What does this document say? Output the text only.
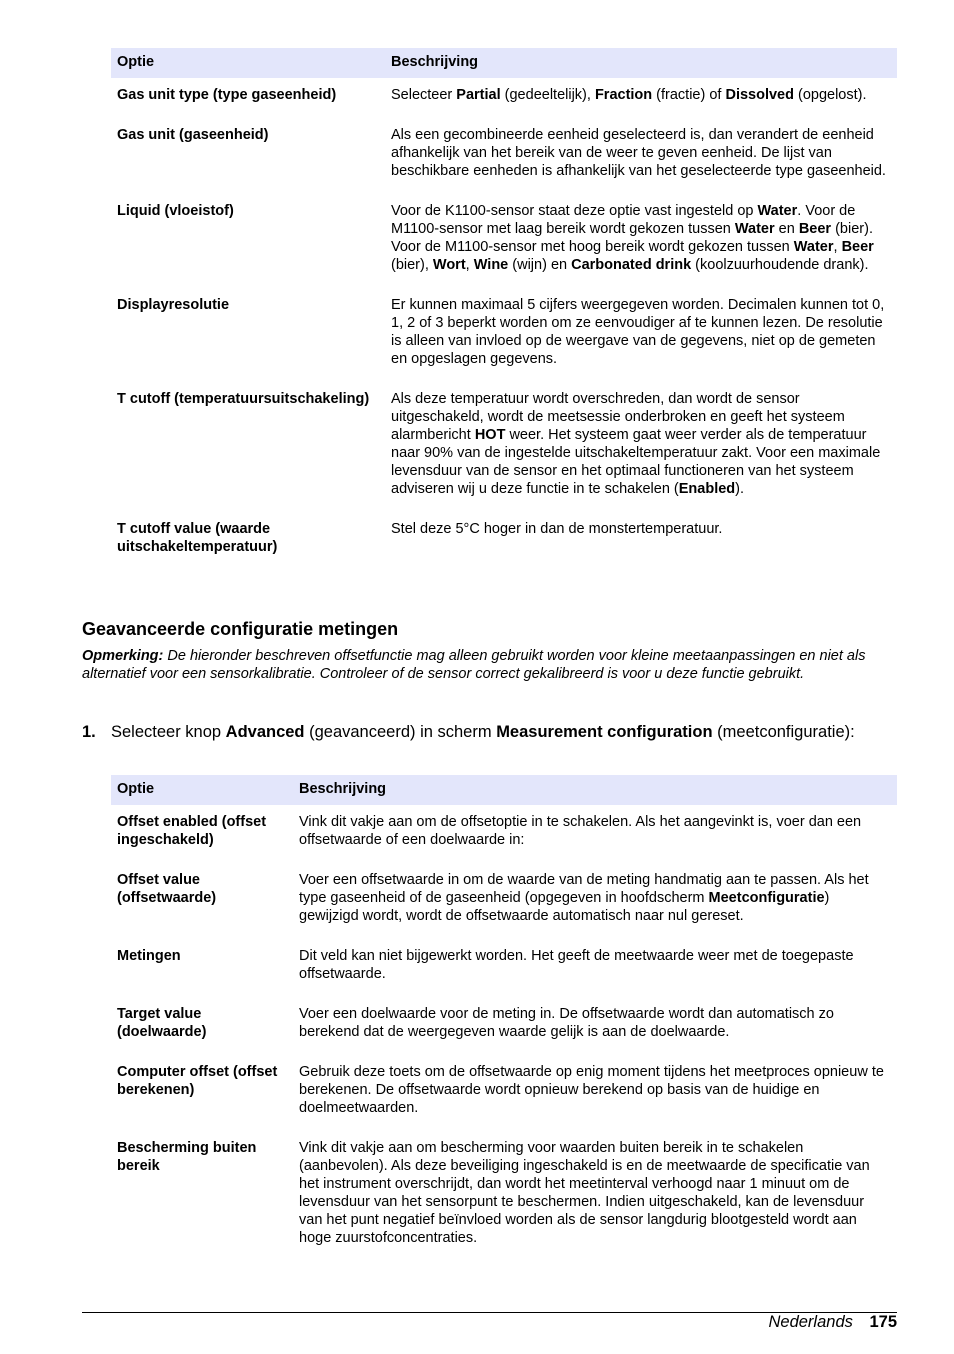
Optie	Beschrijving
Gas unit type (type gaseenheid)	Selecteer Partial (gedeeltelijk), Fraction (fractie) of Dissolved (opgelost).
Gas unit (gaseenheid)	Als een gecombineerde eenheid geselecteerd is, dan verandert de eenheid afhankelijk van het bereik van de weer te geven eenheid. De lijst van beschikbare eenheden is afhankelijk van het geselecteerde type gaseenheid.
Liquid (vloeistof)	Voor de K1100-sensor staat deze optie vast ingesteld op Water. Voor de M1100-sensor met laag bereik wordt gekozen tussen Water en Beer (bier). Voor de M1100-sensor met hoog bereik wordt gekozen tussen Water, Beer (bier), Wort, Wine (wijn) en Carbonated drink (koolzuurhoudende drank).
Displayresolutie	Er kunnen maximaal 5 cijfers weergegeven worden. Decimalen kunnen tot 0, 1, 2 of 3 beperkt worden om ze eenvoudiger af te kunnen lezen. De resolutie is alleen van invloed op de weergave van de gegevens, niet op de gemeten en opgeslagen gegevens.
T cutoff (temperatuursuitschakeling)	Als deze temperatuur wordt overschreden, dan wordt de sensor uitgeschakeld, wordt de meetsessie onderbroken en geeft het systeem alarmbericht HOT weer. Het systeem gaat weer verder als de temperatuur naar 90% van de ingestelde uitschakeltemperatuur zakt. Voor een maximale levensduur van de sensor en het optimaal functioneren van het systeem adviseren wij u deze functie in te schakelen (Enabled).
T cutoff value (waarde uitschakeltemperatuur)	Stel deze 5°C hoger in dan de monstertemperatuur.
Geavanceerde configuratie metingen
Opmerking: De hieronder beschreven offsetfunctie mag alleen gebruikt worden voor kleine meetaanpassingen en niet als alternatief voor een sensorkalibratie. Controleer of de sensor correct gekalibreerd is voor u deze functie gebruikt.
1. Selecteer knop Advanced (geavanceerd) in scherm Measurement configuration (meetconfiguratie):
Optie	Beschrijving
Offset enabled (offset ingeschakeld)	Vink dit vakje aan om de offsetoptie in te schakelen. Als het aangevinkt is, voer dan een offsetwaarde of een doelwaarde in:
Offset value (offsetwaarde)	Voer een offsetwaarde in om de waarde van de meting handmatig aan te passen. Als het type gaseenheid of de gaseenheid (opgegeven in hoofdscherm Meetconfiguratie) gewijzigd wordt, wordt de offsetwaarde automatisch naar nul gereset.
Metingen	Dit veld kan niet bijgewerkt worden. Het geeft de meetwaarde weer met de toegepaste offsetwaarde.
Target value (doelwaarde)	Voer een doelwaarde voor de meting in. De offsetwaarde wordt dan automatisch zo berekend dat de weergegeven waarde gelijk is aan de doelwaarde.
Computer offset (offset berekenen)	Gebruik deze toets om de offsetwaarde op enig moment tijdens het meetproces opnieuw te berekenen. De offsetwaarde wordt opnieuw berekend op basis van de huidige en doelmeetwaarden.
Bescherming buiten bereik	Vink dit vakje aan om bescherming voor waarden buiten bereik in te schakelen (aanbevolen). Als deze beveiliging ingeschakeld is en de meetwaarde de specificatie van het instrument overschrijdt, dan wordt het meetinterval verhoogd naar 1 minuut om de levensduur van het sensorpunt te beschermen. Indien uitgeschakeld, kan de levensduur van het punt negatief beïnvloed worden als de sensor langdurig blootgesteld wordt aan hoge zuurstofconcentraties.
Nederlands 175
